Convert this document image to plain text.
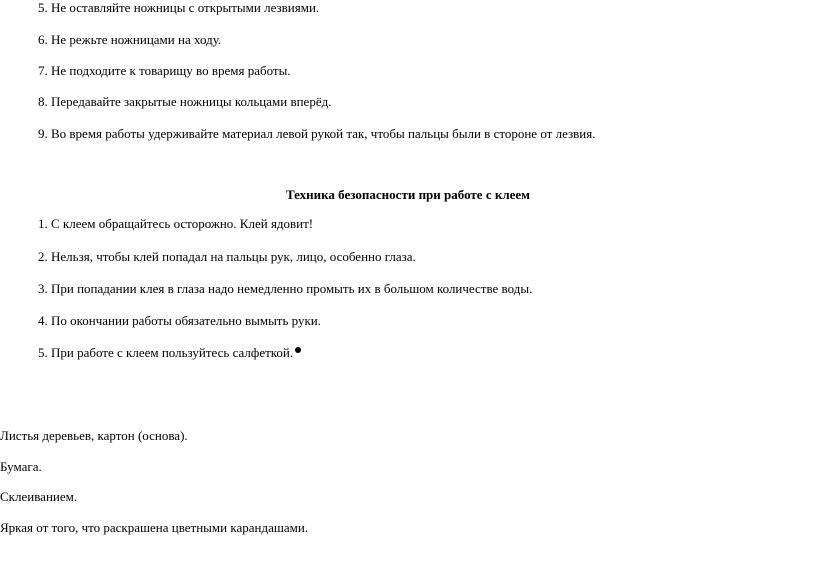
5. Не оставляйте ножницы с открытыми лезвиями.
6. Не режьте ножницами на ходу.
7. Не подходите к товарищу во время работы.
8. Передавайте закрытые ножницы кольцами вперёд.
9. Во время работы удерживайте материал левой рукой так, чтобы пальцы были в стороне от лезвия.
Техника безопасности при работе с клеем
1. С клеем обращайтесь осторожно. Клей ядовит!
2. Нельзя, чтобы клей попадал на пальцы рук, лицо, особенно глаза.
3. При попадании клея в глаза надо немедленно промыть их в большом количестве воды.
4. По окончании работы обязательно вымыть руки.
5. При работе с клеем пользуйтесь салфеткой.
Листья деревьев, картон (основа).
Бумага.
Склеиванием.
Яркая от того, что раскрашена цветными карандашами.
